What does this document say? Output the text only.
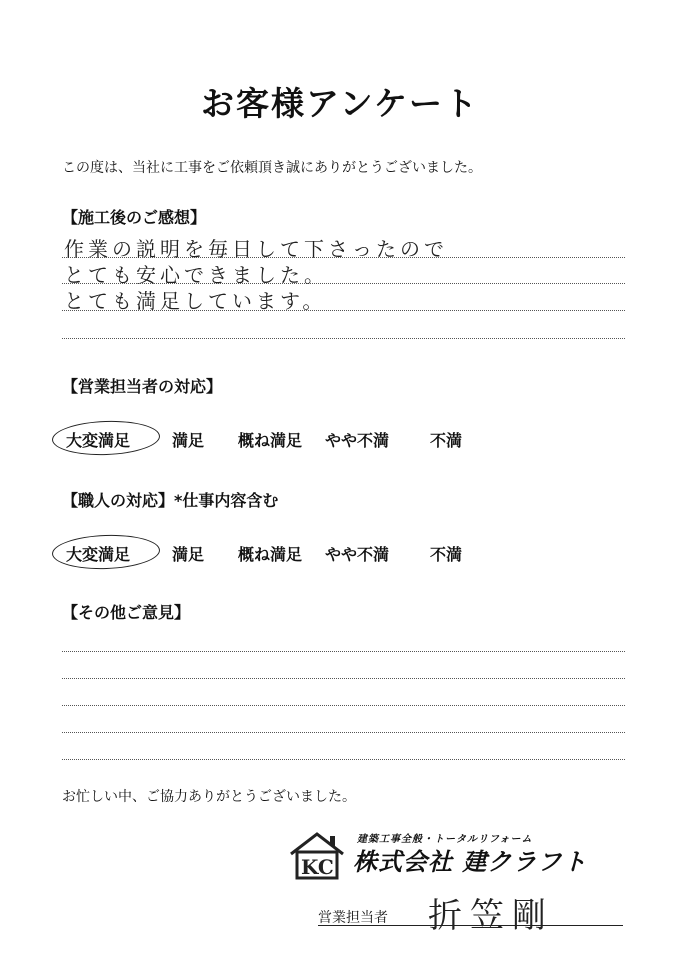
お客様アンケート
この度は、当社に工事をご依頼頂き誠にありがとうございました。
【施工後のご感想】
作業の説明を毎日して下さったので
とても安心できました。
とても満足しています。
【営業担当者の対応】
大変満足	満足 概ね満足 やや不満	不満
【職人の対応】*仕事内容含む
大変満足	満足 概ね満足 やや不満	不満
【その他ご意見】
お忙しい中、ご協力ありがとうございました。
KC
建築工事全般・トータルリフォーム
株式会社 建クラフト
営業担当者 折笠剛
